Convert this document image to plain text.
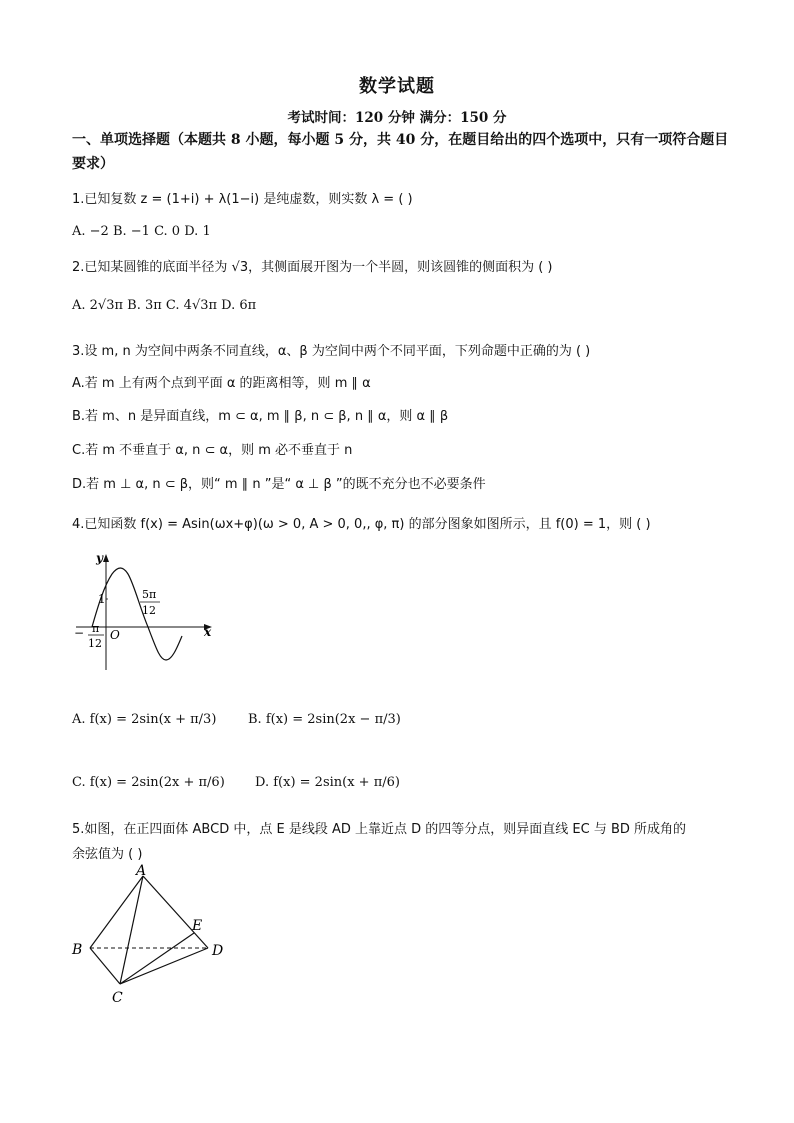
数学试题
考试时间：120 分钟 满分：150 分
一、单项选择题（本题共 8 小题，每小题 5 分，共 40 分，在题目给出的四个选项中，只有一项符合题目要求）
1.已知复数 z = (1+i) + λ(1−i) 是纯虚数，则实数 λ = ( )
A. −2 B. −1 C. 0 D. 1
2.已知某圆锥的底面半径为 √3，其侧面展开图为一个半圆，则该圆锥的侧面积为 ( )
A. 2√3π B. 3π C. 4√3π D. 6π
3.设 m, n 为空间中两条不同直线，α、β 为空间中两个不同平面，下列命题中正确的为 ( )
A.若 m 上有两个点到平面 α 的距离相等，则 m ∥ α
B.若 m、n 是异面直线，m ⊂ α, m ∥ β, n ⊂ β, n ∥ α，则 α ∥ β
C.若 m 不垂直于 α, n ⊂ α，则 m 必不垂直于 n
D.若 m ⊥ α, n ⊂ β，则“ m ∥ n ”是“ α ⊥ β ”的既不充分也不必要条件
4.已知函数 f(x) = Asin(ωx+φ)(ω > 0, A > 0, 0,, φ, π) 的部分图象如图所示，且 f(0) = 1，则 ( )
y
x
O
1	5π
12
− π
12
A. f(x) = 2sin(x + π/3) B. f(x) = 2sin(2x − π/3)
C. f(x) = 2sin(2x + π/6) D. f(x) = 2sin(x + π/6)
5.如图，在正四面体 ABCD 中，点 E 是线段 AD 上靠近点 D 的四等分点，则异面直线 EC 与 BD 所成角的
余弦值为 ( )
A
B
C
D
E
